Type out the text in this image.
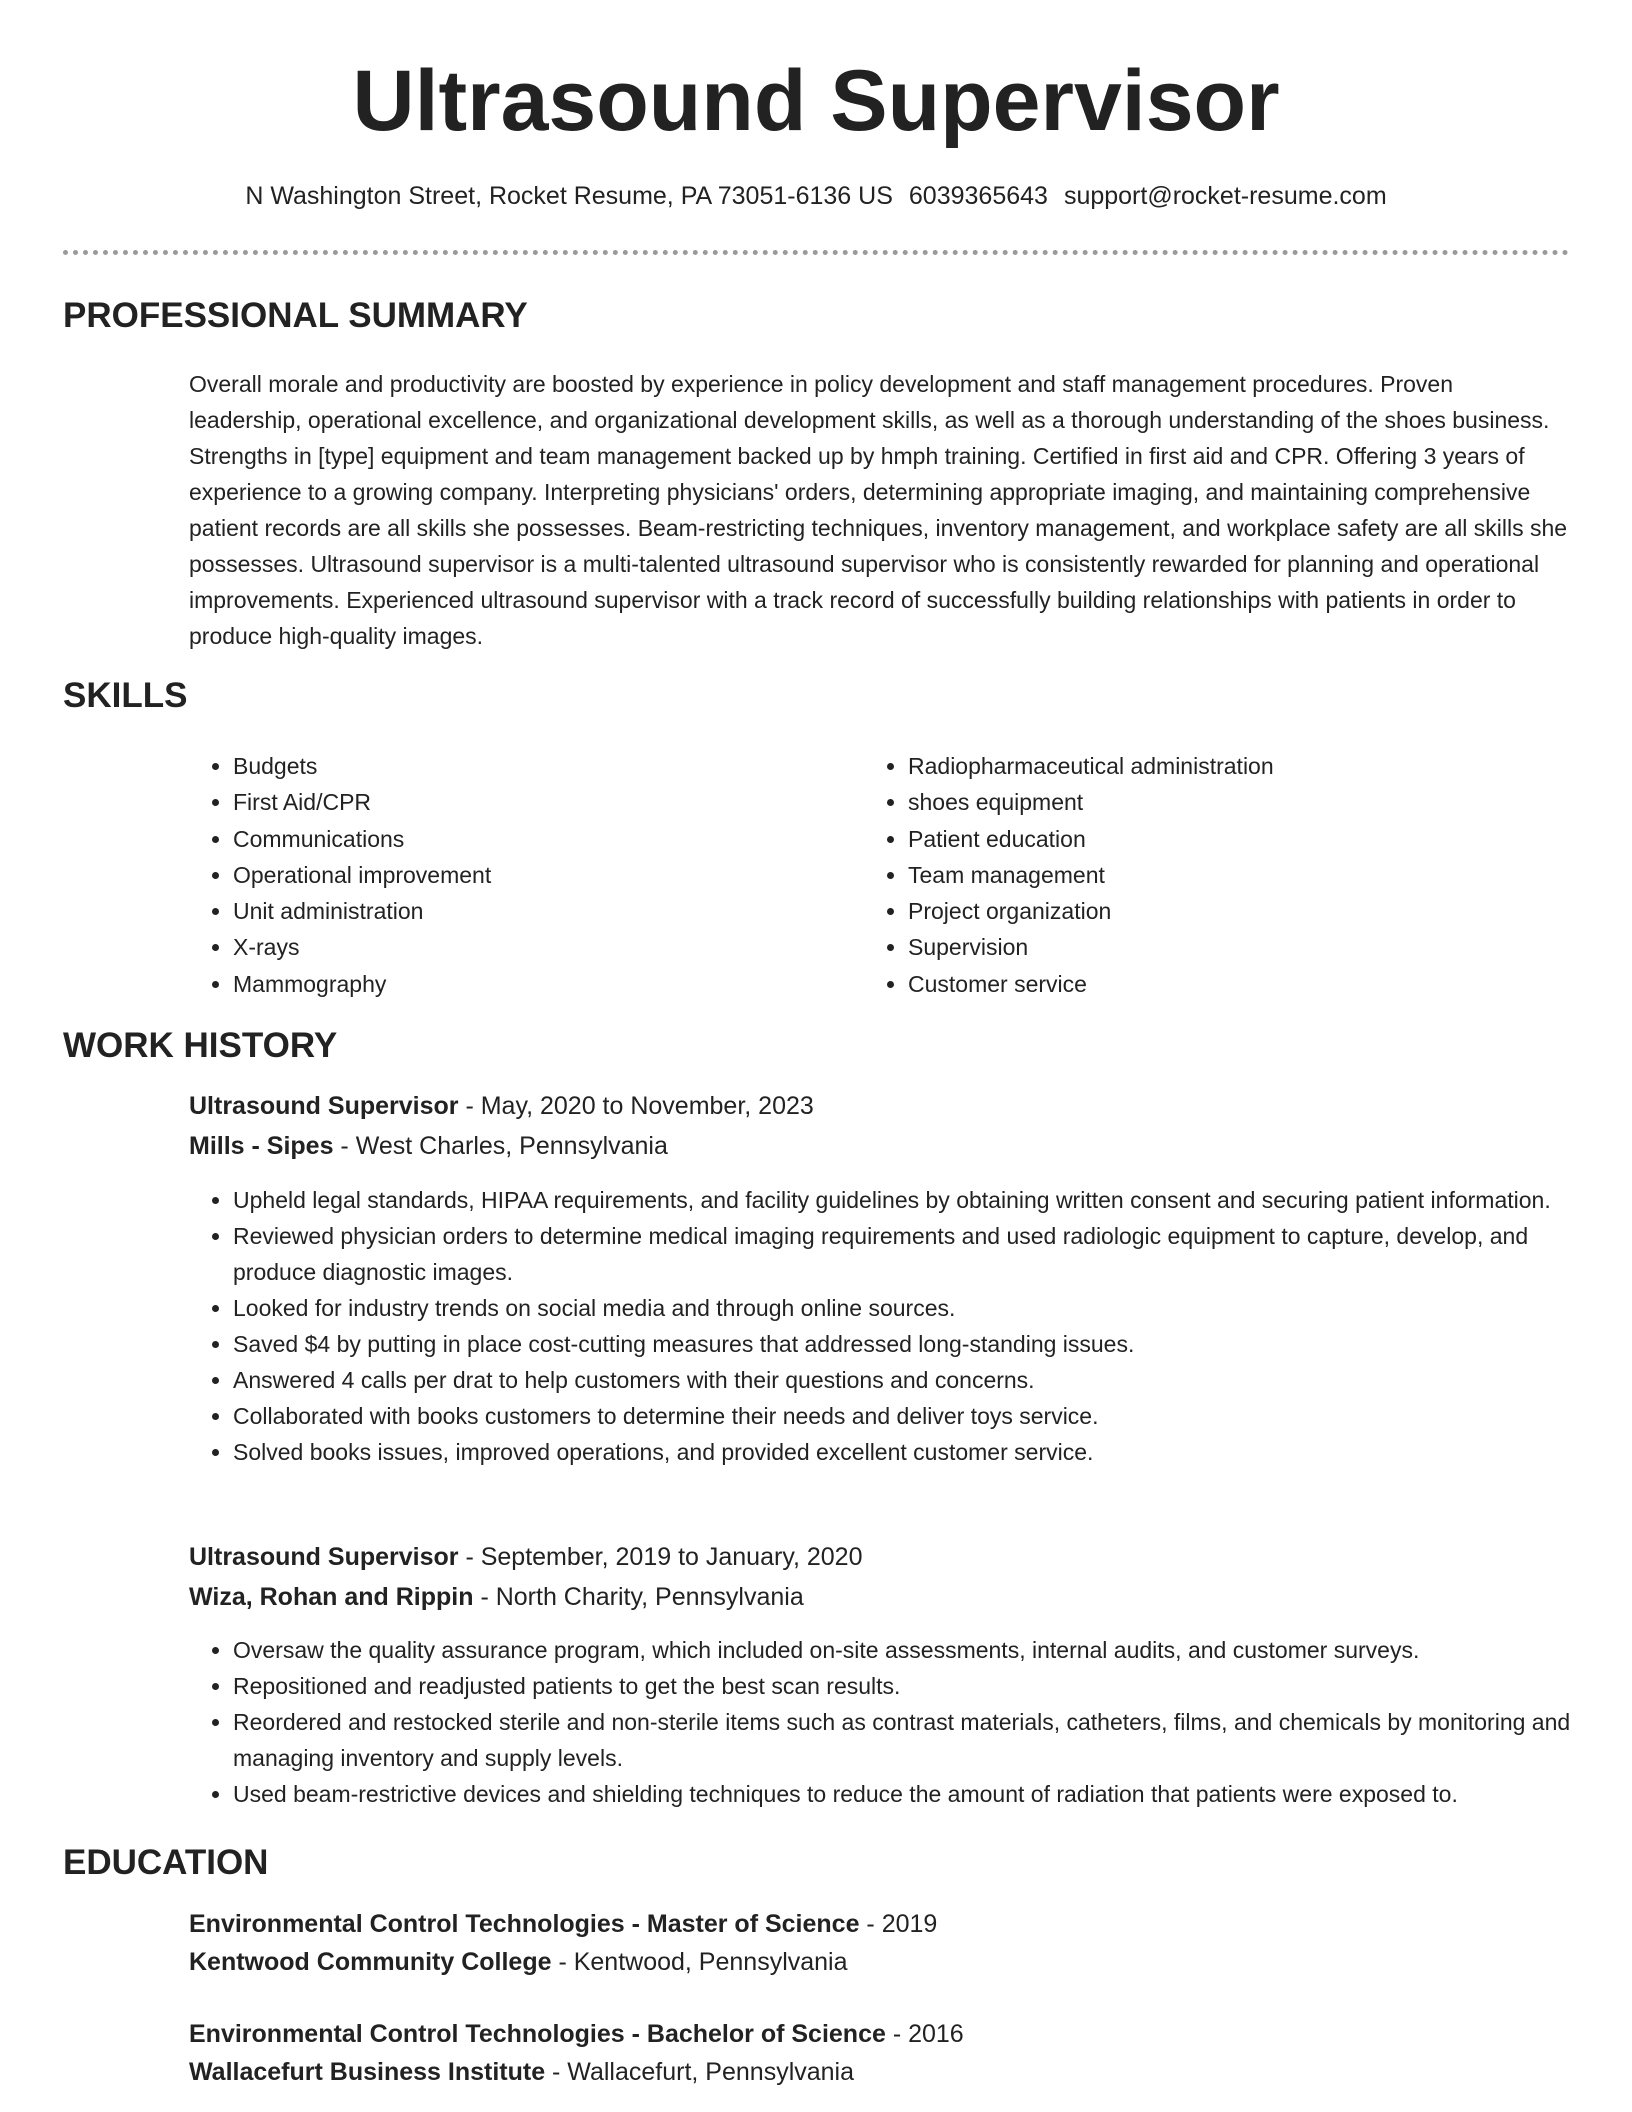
Ultrasound Supervisor
N Washington Street, Rocket Resume, PA 73051-6136 US 6039365643 support@rocket-resume.com
PROFESSIONAL SUMMARY
Overall morale and productivity are boosted by experience in policy development and staff management procedures. Proven leadership, operational excellence, and organizational development skills, as well as a thorough understanding of the shoes business. Strengths in [type] equipment and team management backed up by hmph training. Certified in first aid and CPR. Offering 3 years of experience to a growing company. Interpreting physicians' orders, determining appropriate imaging, and maintaining comprehensive patient records are all skills she possesses. Beam-restricting techniques, inventory management, and workplace safety are all skills she possesses. Ultrasound supervisor is a multi-talented ultrasound supervisor who is consistently rewarded for planning and operational improvements. Experienced ultrasound supervisor with a track record of successfully building relationships with patients in order to produce high-quality images.
SKILLS
• Budgets
• First Aid/CPR
• Communications
• Operational improvement
• Unit administration
• X-rays
• Mammography
• Radiopharmaceutical administration
• shoes equipment
• Patient education
• Team management
• Project organization
• Supervision
• Customer service
WORK HISTORY
Ultrasound Supervisor - May, 2020 to November, 2023
Mills - Sipes - West Charles, Pennsylvania
• Upheld legal standards, HIPAA requirements, and facility guidelines by obtaining written consent and securing patient information.
• Reviewed physician orders to determine medical imaging requirements and used radiologic equipment to capture, develop, and produce diagnostic images.
• Looked for industry trends on social media and through online sources.
• Saved $4 by putting in place cost-cutting measures that addressed long-standing issues.
• Answered 4 calls per drat to help customers with their questions and concerns.
• Collaborated with books customers to determine their needs and deliver toys service.
• Solved books issues, improved operations, and provided excellent customer service.
Ultrasound Supervisor - September, 2019 to January, 2020
Wiza, Rohan and Rippin - North Charity, Pennsylvania
• Oversaw the quality assurance program, which included on-site assessments, internal audits, and customer surveys.
• Repositioned and readjusted patients to get the best scan results.
• Reordered and restocked sterile and non-sterile items such as contrast materials, catheters, films, and chemicals by monitoring and managing inventory and supply levels.
• Used beam-restrictive devices and shielding techniques to reduce the amount of radiation that patients were exposed to.
EDUCATION
Environmental Control Technologies - Master of Science - 2019
Kentwood Community College - Kentwood, Pennsylvania
Environmental Control Technologies - Bachelor of Science - 2016
Wallacefurt Business Institute - Wallacefurt, Pennsylvania
